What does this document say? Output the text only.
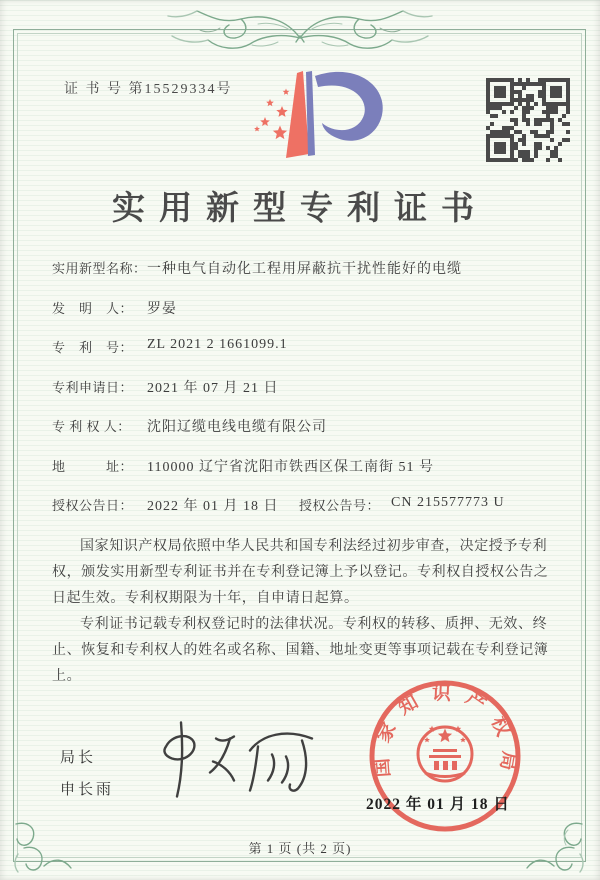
证 书 号 第15529334号
实用新型专利证书
实用新型名称： 一种电气自动化工程用屏蔽抗干扰性能好的电缆
发　明　人： 罗晏
专　利　号： ZL 2021 2 1661099.1
专利申请日： 2021 年 07 月 21 日
专 利 权 人：	沈阳辽缆电线电缆有限公司
地　　　址： 110000 辽宁省沈阳市铁西区保工南街 51 号
授权公告日： 2022 年 01 月 18 日	授权公告号： CN 215577773 U

国家知识产权局依照中华人民共和国专利法经过初步审查，决定授予专利权，颁发实用新型专利证书并在专利登记簿上予以登记。专利权自授权公告之日起生效。专利权期限为十年，自申请日起算。

专利证书记载专利权登记时的法律状况。专利权的转移、质押、无效、终止、恢复和专利权人的姓名或名称、国籍、地址变更等事项记载在专利登记簿上。

局长
申长雨
国家知识产权局
2022 年 01 月 18 日
第 1 页 (共 2 页)
